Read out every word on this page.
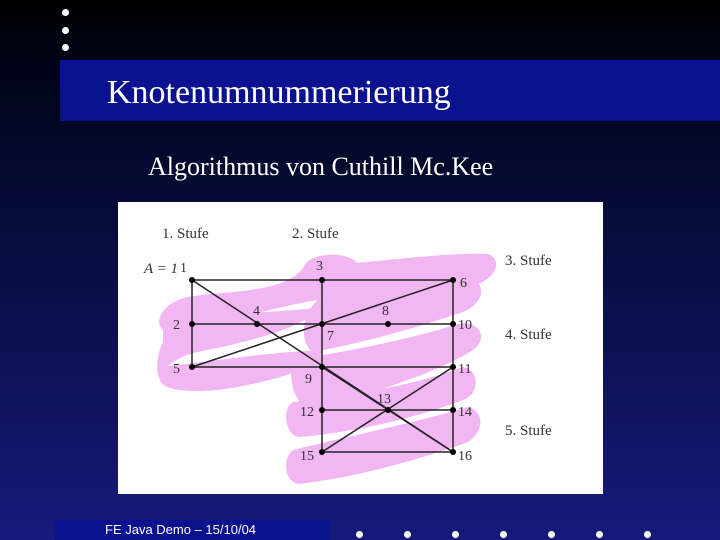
Knotenumnummerierung
Algorithmus von Cuthill Mc.Kee
1. Stufe	2. Stufe
3. Stufe
4. Stufe
5. Stufe
A = 1 1
2
3
4
5
6
7
8
9
10
11
12
13
14
15	16
FE Java Demo – 15/10/04
